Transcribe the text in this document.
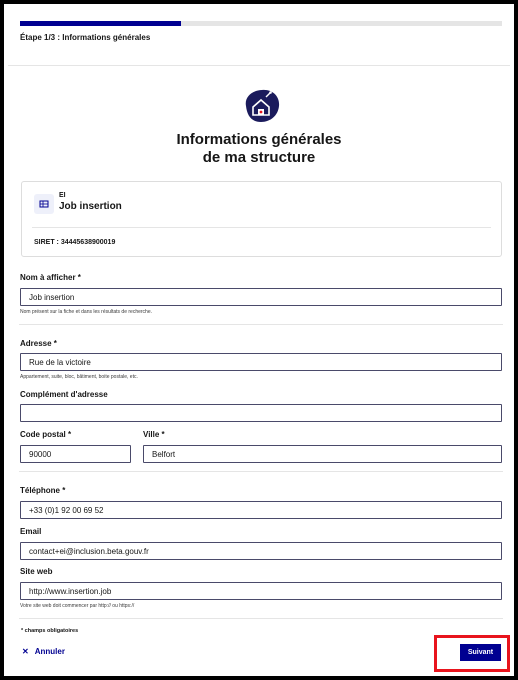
Étape 1/3 : Informations générales
Informations générales
de ma structure
EI
Job insertion
SIRET : 34445638900019
Nom à afficher *
Job insertion
Nom présent sur la fiche et dans les résultats de recherche.
Adresse *
Rue de la victoire
Appartement, suite, bloc, bâtiment, boite postale, etc.
Complément d'adresse
Code postal *
90000	Ville *
Belfort
Téléphone *
+33 (0)1 92 00 69 52
Email
contact+ei@inclusion.beta.gouv.fr
Site web
http://www.insertion.job
Votre site web doit commencer par http:// ou https://
* champs obligatoires
✕ Annuler	Suivant
